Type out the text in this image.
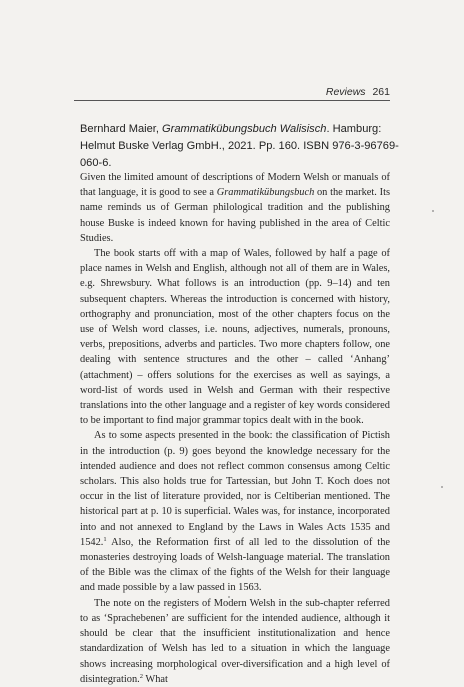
Reviews 261
Bernhard Maier, Grammatikübungsbuch Walisisch. Hamburg: Helmut Buske Verlag GmbH., 2021. Pp. 160. ISBN 976-3-96769-060-6.

Given the limited amount of descriptions of Modern Welsh or manuals of that language, it is good to see a Grammatikübungsbuch on the market. Its name reminds us of German philological tradition and the publishing house Buske is indeed known for having published in the area of Celtic Studies.

The book starts off with a map of Wales, followed by half a page of place names in Welsh and English, although not all of them are in Wales, e.g. Shrewsbury. What follows is an introduction (pp. 9–14) and ten subsequent chapters. Whereas the introduction is concerned with history, orthography and pronunciation, most of the other chapters focus on the use of Welsh word classes, i.e. nouns, adjectives, numerals, pronouns, verbs, prepositions, adverbs and particles. Two more chapters follow, one dealing with sentence structures and the other – called ‘Anhang’ (attachment) – offers solutions for the exercises as well as sayings, a word-list of words used in Welsh and German with their respective translations into the other language and a register of key words considered to be important to find major grammar topics dealt with in the book.

As to some aspects presented in the book: the classification of Pictish in the introduction (p. 9) goes beyond the knowledge necessary for the intended audience and does not reflect common consensus among Celtic scholars. This also holds true for Tartessian, but John T. Koch does not occur in the list of literature provided, nor is Celtiberian mentioned. The historical part at p. 10 is superficial. Wales was, for instance, incorporated into and not annexed to England by the Laws in Wales Acts 1535 and 1542.$^1$ Also, the Reformation first of all led to the dissolution of the monasteries destroying loads of Welsh-language material. The translation of the Bible was the climax of the fights of the Welsh for their language and made possible by a law passed in 1563.

The note on the registers of Modern Welsh in the sub-chapter referred to as ‘Sprachebenen’ are sufficient for the intended audience, although it should be clear that the insufficient institutionalization and hence standardization of Welsh has led to a situation in which the language shows increasing morphological over-diversification and a high level of disintegration.$^2$ What
